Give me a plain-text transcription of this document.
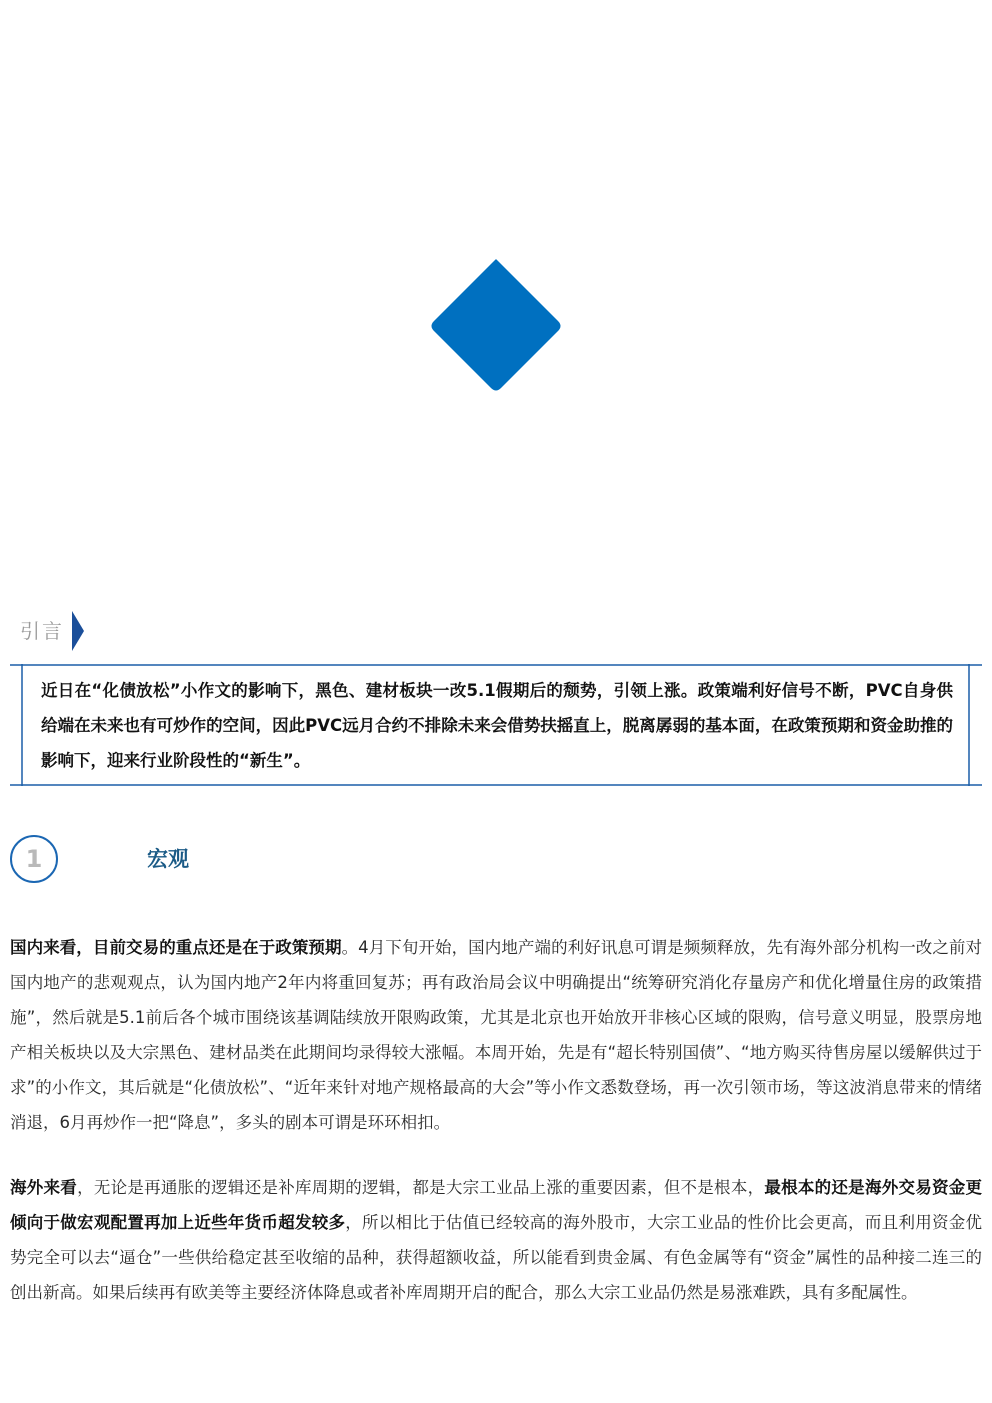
引言

近日在“化债放松”小作文的影响下，黑色、建材板块一改5.1假期后的颓势，引领上涨。政策端利好信号不断，PVC自身供给端在未来也有可炒作的空间，因此PVC远月合约不排除未来会借势扶摇直上，脱离孱弱的基本面，在政策预期和资金助推的影响下，迎来行业阶段性的“新生”。

1	宏观

国内来看，目前交易的重点还是在于政策预期。4月下旬开始，国内地产端的利好讯息可谓是频频释放，先有海外部分机构一改之前对国内地产的悲观观点，认为国内地产2年内将重回复苏；再有政治局会议中明确提出“统筹研究消化存量房产和优化增量住房的政策措施”，然后就是5.1前后各个城市围绕该基调陆续放开限购政策，尤其是北京也开始放开非核心区域的限购，信号意义明显，股票房地产相关板块以及大宗黑色、建材品类在此期间均录得较大涨幅。本周开始，先是有“超长特别国债”、“地方购买待售房屋以缓解供过于求”的小作文，其后就是“化债放松”、“近年来针对地产规格最高的大会”等小作文悉数登场，再一次引领市场，等这波消息带来的情绪消退，6月再炒作一把“降息”，多头的剧本可谓是环环相扣。

海外来看，无论是再通胀的逻辑还是补库周期的逻辑，都是大宗工业品上涨的重要因素，但不是根本，最根本的还是海外交易资金更倾向于做宏观配置再加上近些年货币超发较多，所以相比于估值已经较高的海外股市，大宗工业品的性价比会更高，而且利用资金优势完全可以去“逼仓”一些供给稳定甚至收缩的品种，获得超额收益，所以能看到贵金属、有色金属等有“资金”属性的品种接二连三的创出新高。如果后续再有欧美等主要经济体降息或者补库周期开启的配合，那么大宗工业品仍然是易涨难跌，具有多配属性。
